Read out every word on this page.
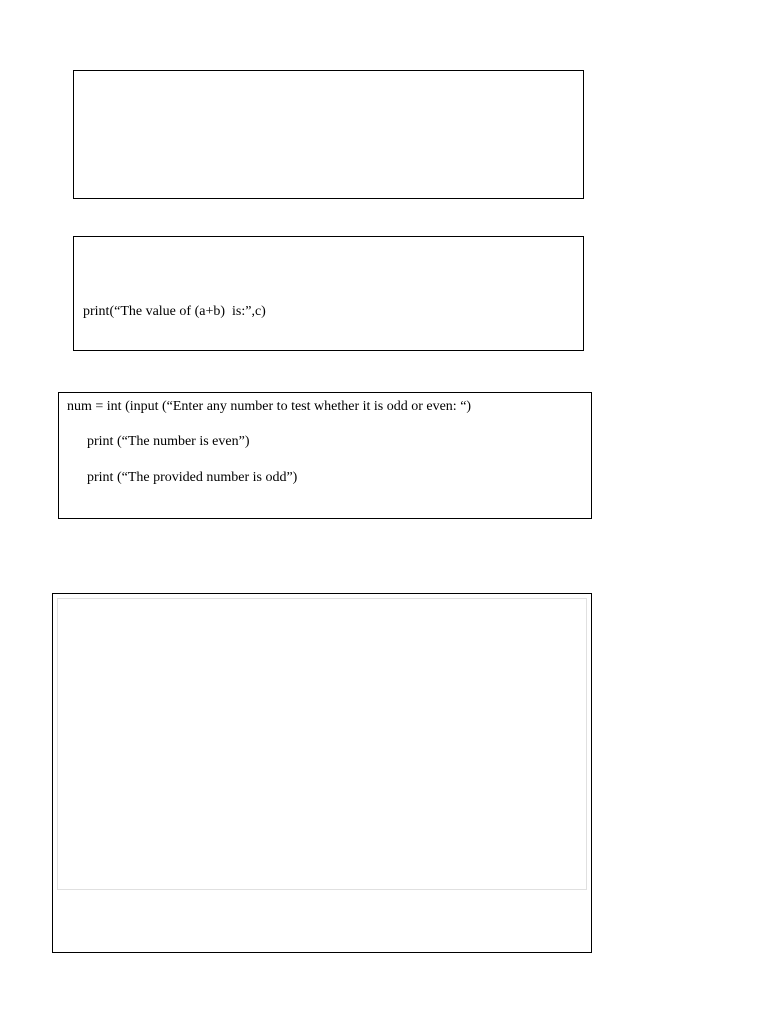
print(“The value of (a+b)  is:”,c)

num = int (input (“Enter any number to test whether it is odd or even: “)

print (“The number is even”)

print (“The provided number is odd”)
